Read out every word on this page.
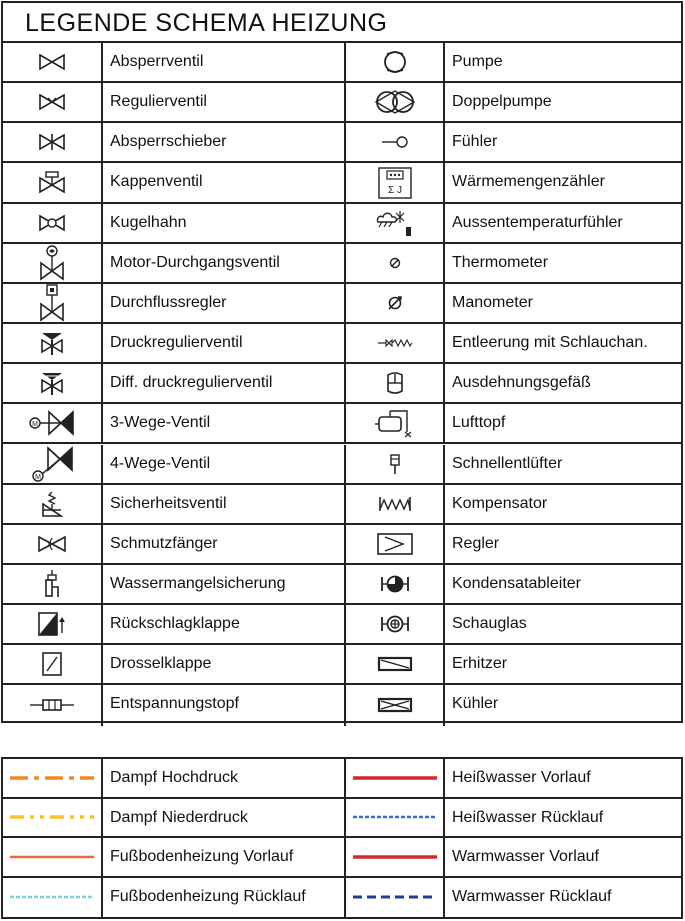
LEGENDE SCHEMA HEIZUNG
Absperrventil	Pumpe
Regulierventil	Doppelpumpe
Absperrschieber	Fühler
Kappenventil	Σ J	Wärmemengenzähler
Kugelhahn	Aussentemperaturfühler
Motor-Durchgangsventil	Thermometer
Durchflussregler	Manometer
Druckregulierventil	Entleerung mit Schlauchan.
Diff. druckregulierventil	Ausdehnungsgefäß
M	3-Wege-Ventil	Lufttopf
M
4-Wege-Ventil	Schnellentlüfter
Sicherheitsventil	Kompensator
Schmutzfänger	Regler
Wassermangelsicherung	Kondensatableiter
Rückschlagklappe	Schauglas
Drosselklappe	Erhitzer
Entspannungstopf	Kühler
Dampf Hochdruck	Heißwasser Vorlauf
Dampf Niederdruck	Heißwasser Rücklauf
Fußbodenheizung Vorlauf	Warmwasser Vorlauf
Fußbodenheizung Rücklauf	Warmwasser Rücklauf
